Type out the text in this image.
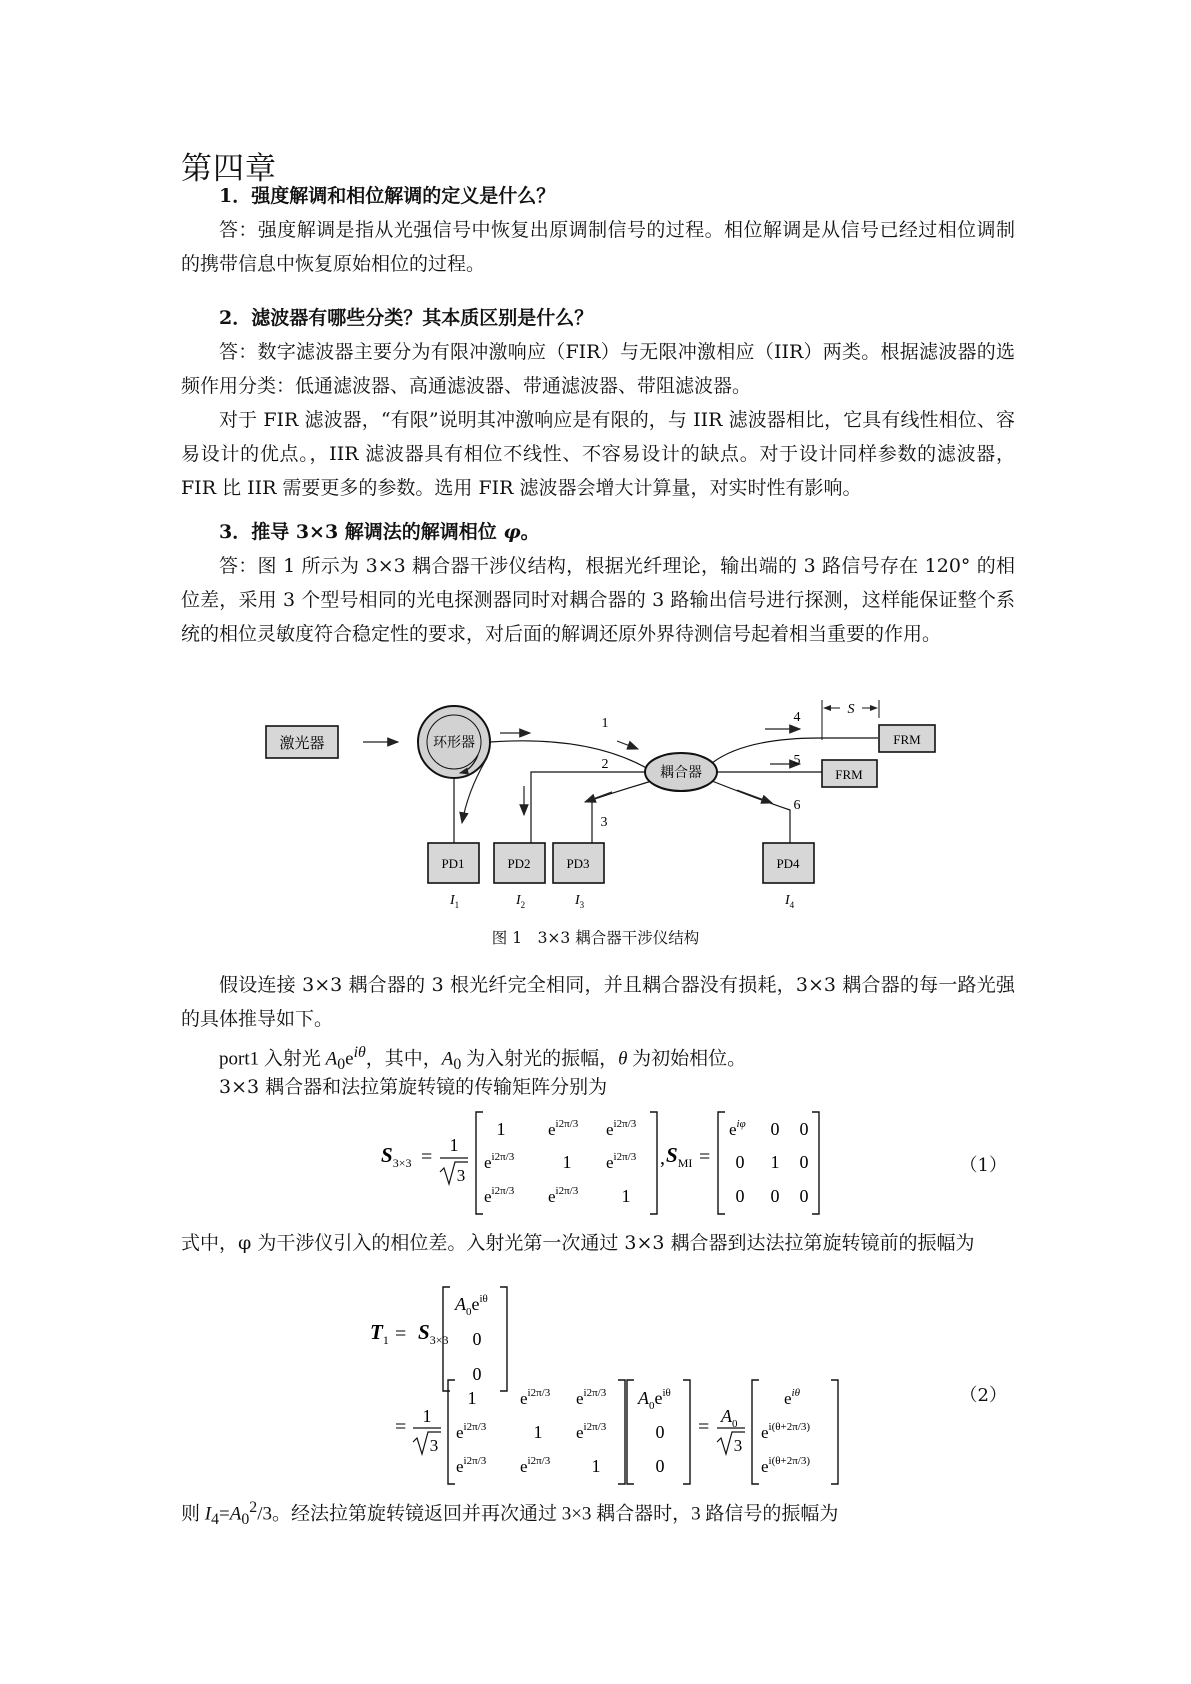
第四章
1．强度解调和相位解调的定义是什么？
答：强度解调是指从光强信号中恢复出原调制信号的过程。相位解调是从信号已经过相位调制的携带信息中恢复原始相位的过程。
2．滤波器有哪些分类？其本质区别是什么？
答：数字滤波器主要分为有限冲激响应（FIR）与无限冲激相应（IIR）两类。根据滤波器的选频作用分类：低通滤波器、高通滤波器、带通滤波器、带阻滤波器。
对于 FIR 滤波器，“有限”说明其冲激响应是有限的，与 IIR 滤波器相比，它具有线性相位、容易设计的优点。，IIR 滤波器具有相位不线性、不容易设计的缺点。对于设计同样参数的滤波器，FIR 比 IIR 需要更多的参数。选用 FIR 滤波器会增大计算量，对实时性有影响。
3．推导 3×3 解调法的解调相位 φ。
答：图 1 所示为 3×3 耦合器干涉仪结构，根据光纤理论，输出端的 3 路信号存在 120° 的相位差，采用 3 个型号相同的光电探测器同时对耦合器的 3 路输出信号进行探测，这样能保证整个系统的相位灵敏度符合稳定性的要求，对后面的解调还原外界待测信号起着相当重要的作用。
激光器	环形器
1
2
3
耦合器
4
FRM
S
5
FRM
6
PD1	PD2	PD3	PD4
$I_1$	$I_2$	$I_3$	$I_4$
$S_{3\times 3}$ =
1
3
1	$e^{i2\pi/3}$ $e^{i2\pi/3}$
$e^{i2\pi/3}$	1 $e^{i2\pi/3}$
$e^{i2\pi/3}$ $e^{i2\pi/3}$ 1
, $S_{MI}$ =
$e^{i\varphi}$ 0 0
0 1 0
0 0 0
$T_1 = S_{3\times 3}$
$A_0e^{i\theta}$
0
0
= 1
3
1	$e^{i2\pi/3}$ $e^{i2\pi/3}$
$e^{i2\pi/3}$	1 $e^{i2\pi/3}$
$e^{i2\pi/3}$ $e^{i2\pi/3}$ 1
$A_0e^{i\theta}$
0
0
= $A_0$
3
$e^{i\theta}$
$e^{i(\theta+2\pi/3)}$
$e^{i(\theta+2\pi/3)}$
图 1　3×3 耦合器干涉仪结构
假设连接 3×3 耦合器的 3 根光纤完全相同，并且耦合器没有损耗，3×3 耦合器的每一路光强的具体推导如下。
port1 入射光 $A_0e^{i\theta}$，其中，$A_0$ 为入射光的振幅，θ 为初始相位。
3×3 耦合器和法拉第旋转镜的传输矩阵分别为
（1）
式中，φ 为干涉仪引入的相位差。入射光第一次通过 3×3 耦合器到达法拉第旋转镜前的振幅为
（2）
则 $I_4=A_0^2/3$。经法拉第旋转镜返回并再次通过 3×3 耦合器时，3 路信号的振幅为
